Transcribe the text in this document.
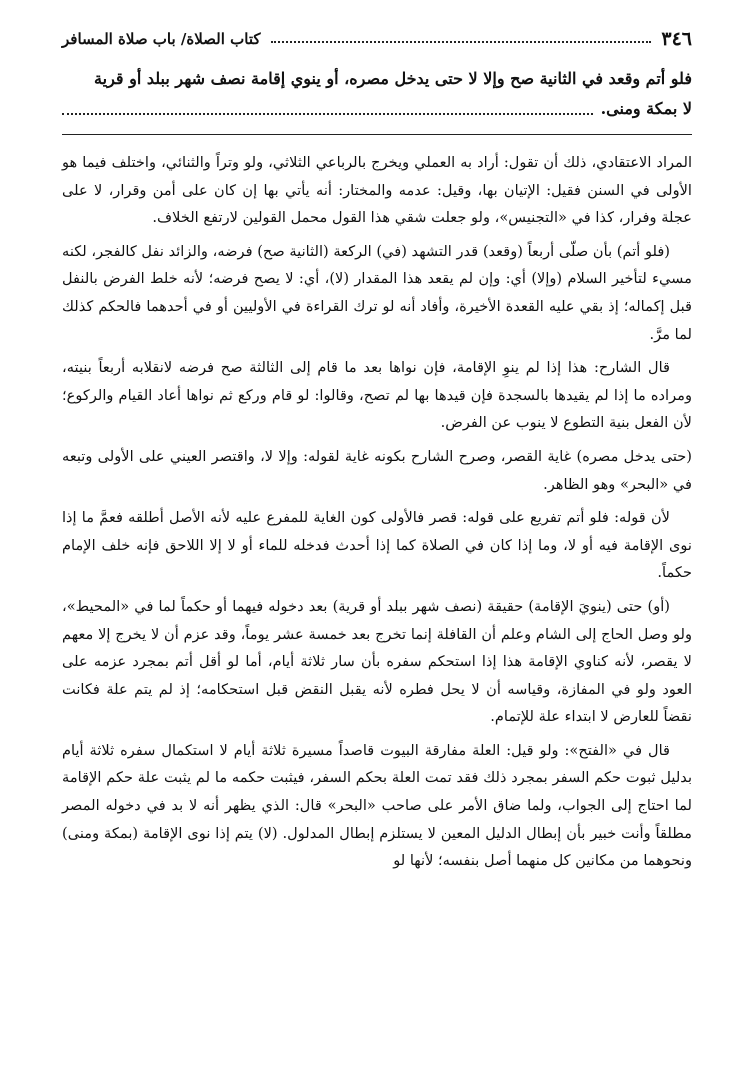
٣٤٦
كتاب الصلاة/ باب صلاة المسافر
فلو أتم وقعد في الثانية صح وإلا لا حتى يدخل مصره، أو ينوي إقامة نصف شهر ببلد أو قرية
لا بمكة ومنى.

المراد الاعتقادي، ذلك أن تقول: أراد به العملي ويخرج بالرباعي الثلاثي، ولو وتراً والثنائي، واختلف فيما هو الأولى في السنن فقيل: الإتيان بها، وقيل: عدمه والمختار: أنه يأتي بها إن كان على أمن وقرار، لا على عجلة وفرار، كذا في «التجنيس»، ولو جعلت شقي هذا القول محمل القولين لارتفع الخلاف.

(فلو أتم) بأن صلّى أربعاً (وقعد) قدر التشهد (في) الركعة (الثانية صح) فرضه، والزائد نفل كالفجر، لكنه مسيء لتأخير السلام (وإلا) أي: وإن لم يقعد هذا المقدار (لا)، أي: لا يصح فرضه؛ لأنه خلط الفرض بالنفل قبل إكماله؛ إذ بقي عليه القعدة الأخيرة، وأفاد أنه لو ترك القراءة في الأوليين أو في أحدهما فالحكم كذلك لما مرَّ.

قال الشارح: هذا إذا لم ينوِ الإقامة، فإن نواها بعد ما قام إلى الثالثة صح فرضه لانقلابه أربعاً بنيته، ومراده ما إذا لم يقيدها بالسجدة فإن قيدها بها لم تصح، وقالوا: لو قام وركع ثم نواها أعاد القيام والركوع؛ لأن الفعل بنية التطوع لا ينوب عن الفرض.

(حتى يدخل مصره) غاية القصر، وصرح الشارح بكونه غاية لقوله: وإلا لا، واقتصر العيني على الأولى وتبعه في «البحر» وهو الظاهر.

لأن قوله: فلو أتم تفريع على قوله: قصر فالأولى كون الغاية للمفرع عليه لأنه الأصل أطلقه فعمَّ ما إذا نوى الإقامة فيه أو لا، وما إذا كان في الصلاة كما إذا أحدث فدخله للماء أو لا إلا اللاحق فإنه خلف الإمام حكماً.

(أو) حتى (ينويَ الإقامة) حقيقة (نصف شهر ببلد أو قرية) بعد دخوله فيهما أو حكماً لما في «المحيط»، ولو وصل الحاج إلى الشام وعلم أن القافلة إنما تخرج بعد خمسة عشر يوماً، وقد عزم أن لا يخرج إلا معهم لا يقصر، لأنه كناوي الإقامة هذا إذا استحكم سفره بأن سار ثلاثة أيام، أما لو أقل أتم بمجرد عزمه على العود ولو في المفازة، وقياسه أن لا يحل فطره لأنه يقبل النقض قبل استحكامه؛ إذ لم يتم علة فكانت نقضاً للعارض لا ابتداء علة للإتمام.

قال في «الفتح»: ولو قيل: العلة مفارقة البيوت قاصداً مسيرة ثلاثة أيام لا استكمال سفره ثلاثة أيام بدليل ثبوت حكم السفر بمجرد ذلك فقد تمت العلة بحكم السفر، فيثبت حكمه ما لم يثبت علة حكم الإقامة لما احتاج إلى الجواب، ولما ضاق الأمر على صاحب «البحر» قال: الذي يظهر أنه لا بد في دخوله المصر مطلقاً وأنت خبير بأن إبطال الدليل المعين لا يستلزم إبطال المدلول. (لا) يتم إذا نوى الإقامة (بمكة ومنى) ونحوهما من مكانين كل منهما أصل بنفسه؛ لأنها لو
